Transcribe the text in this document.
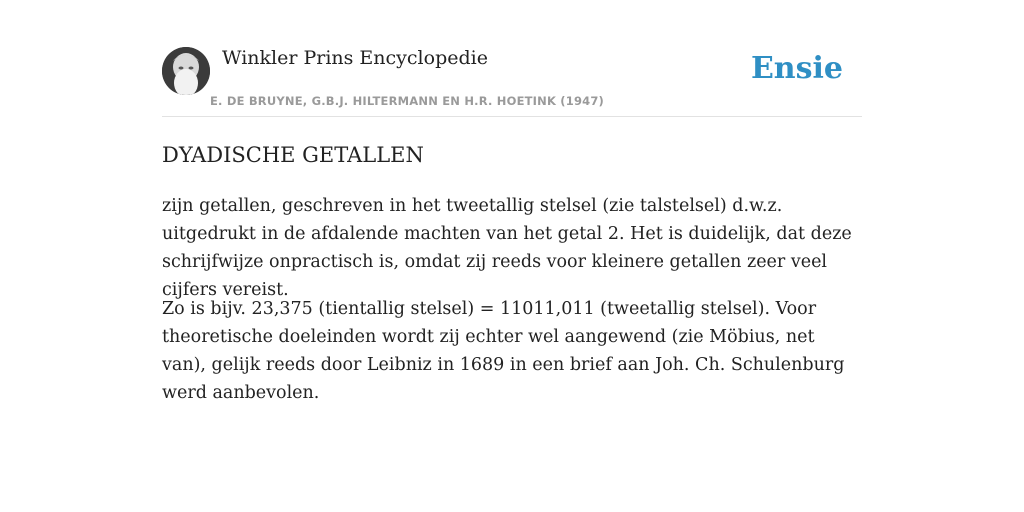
Winkler Prins Encyclopedie
E. DE BRUYNE, G.B.J. HILTERMANN EN H.R. HOETINK (1947)
Ensie
DYADISCHE GETALLEN

zijn getallen, geschreven in het tweetallig stelsel (zie talstelsel) d.w.z. uitgedrukt in de afdalende machten van het getal 2. Het is duidelijk, dat deze schrijfwijze onpractisch is, omdat zij reeds voor kleinere getallen zeer veel cijfers vereist.

Zo is bijv. 23,375 (tientallig stelsel) = 11011,011 (tweetallig stelsel). Voor theoretische doeleinden wordt zij echter wel aangewend (zie Möbius, net van), gelijk reeds door Leibniz in 1689 in een brief aan Joh. Ch. Schulenburg werd aanbevolen.
